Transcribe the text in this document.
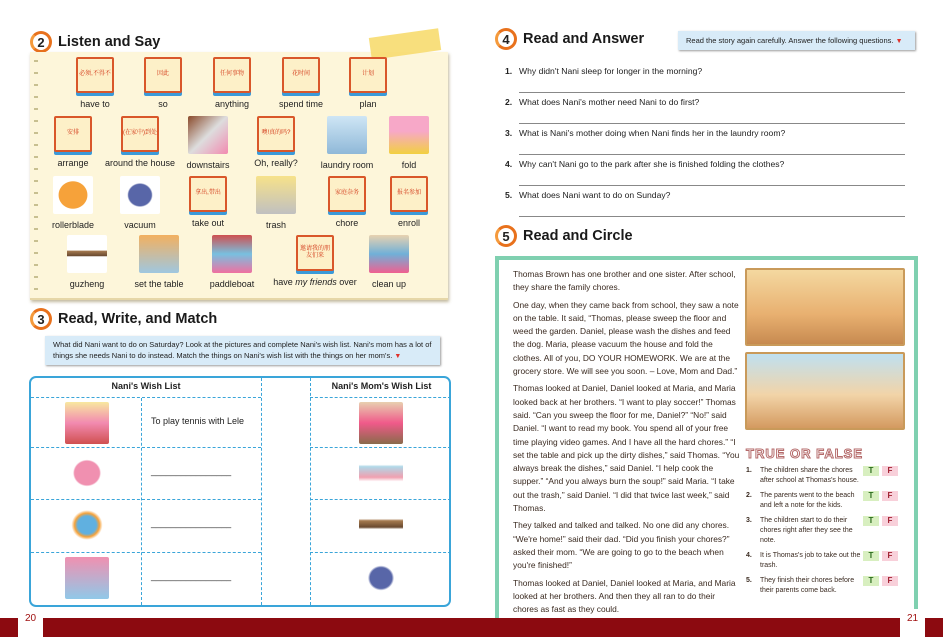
2 Listen and Say
必须,不得不
have to
因此
so
任何事物
anything
花时间
spend time
计划
plan
安排
arrange
(在家中)到处
around the house downstairs
噢!真的吗?
Oh, really?	laundry room	fold
rollerblade	vacuum
拿出,带出
take out	trash
家庭杂务
chore
报名参加
enroll
guzheng	set the table	paddleboat
邀请我的朋友们来
have my friends over clean up
3 Read, Write, and Match
What did Nani want to do on Saturday? Look at the pictures and complete Nani's wish list. Nani's mom has a lot of things she needs Nani to do instead. Match the things on Nani's wish list with the things on her mom's. ▼
Nani's Wish List	Nani's Mom's Wish List
To play tennis with Lele
________________
________________
________________
4 Read and Answer	Read the story again carefully. Answer the following questions. ▼
1. Why didn't Nani sleep for longer in the morning?
2. What does Nani's mother need Nani to do first?
3. What is Nani's mother doing when Nani finds her in the laundry room?
4. Why can't Nani go to the park after she is finished folding the clothes?
5. What does Nani want to do on Sunday?
5 Read and Circle

Thomas Brown has one brother and one sister. After school, they share the family chores.

One day, when they came back from school, they saw a note on the table. It said, “Thomas, please sweep the floor and weed the garden. Daniel, please wash the dishes and feed the dog. Maria, please vacuum the house and fold the clothes. All of you, DO YOUR HOMEWORK. We are at the grocery store. We will see you soon. – Love, Mom and Dad.”

Thomas looked at Daniel, Daniel looked at Maria, and Maria looked back at her brothers. “I want to play soccer!” Thomas said. “Can you sweep the floor for me, Daniel?” “No!” said Daniel. “I want to read my book. You spend all of your free time playing video games. And I have all the hard chores.” “I set the table and pick up the dirty dishes,” said Thomas. “You always break the dishes,” said Daniel. “I help cook the supper.” “And you always burn the soup!” said Maria. “I take out the trash,” said Daniel. “I did that twice last week,” said Thomas.

They talked and talked and talked. No one did any chores. “We're home!” said their dad. “Did you finish your chores?” asked their mom. “We are going to go to the beach when you're finished!”

Thomas looked at Daniel, Daniel looked at Maria, and Maria looked at her brothers. And then they all ran to do their chores as fast as they could.

TRUE OR FALSE
1. The children share the chores after school at Thomas's house.
T	F
2. The parents went to the beach and left a note for the kids.
T	F
3. The children start to do their chores right after they see the note.
T	F
4. It is Thomas's job to take out the trash.
T	F
5. They finish their chores before their parents come back.
T	F
20	21
